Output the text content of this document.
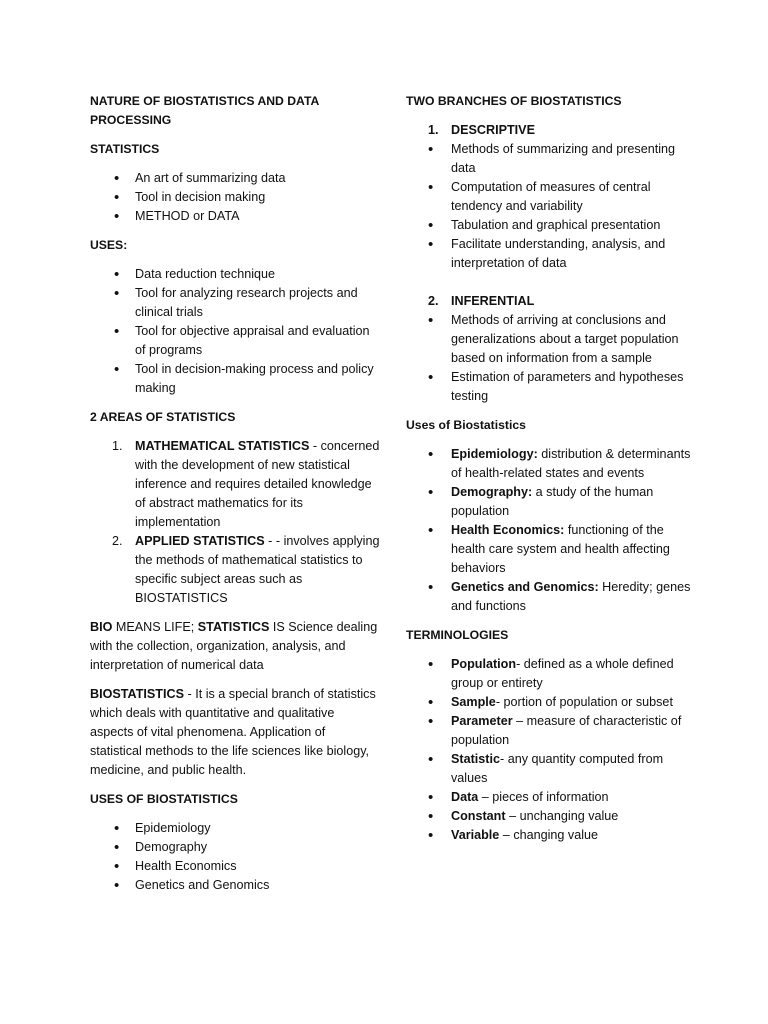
NATURE OF BIOSTATISTICS AND DATA
PROCESSING
STATISTICS
• An art of summarizing data
• Tool in decision making
• METHOD or DATA
USES:
• Data reduction technique
• Tool for analyzing research projects and clinical trials
• Tool for objective appraisal and evaluation of programs
• Tool in decision-making process and policy making
2 AREAS OF STATISTICS
1. MATHEMATICAL STATISTICS - concerned with the development of new statistical inference and requires detailed knowledge of abstract mathematics for its implementation
2. APPLIED STATISTICS - - involves applying the methods of mathematical statistics to specific subject areas such as BIOSTATISTICS
BIO MEANS LIFE; STATISTICS IS Science dealing with the collection, organization, analysis, and interpretation of numerical data
BIOSTATISTICS - It is a special branch of statistics which deals with quantitative and qualitative aspects of vital phenomena. Application of statistical methods to the life sciences like biology, medicine, and public health.
USES OF BIOSTATISTICS
• Epidemiology
• Demography
• Health Economics
• Genetics and Genomics
TWO BRANCHES OF BIOSTATISTICS
1. DESCRIPTIVE
• Methods of summarizing and presenting data
• Computation of measures of central tendency and variability
• Tabulation and graphical presentation
• Facilitate understanding, analysis, and interpretation of data
2. INFERENTIAL
• Methods of arriving at conclusions and generalizations about a target population based on information from a sample
• Estimation of parameters and hypotheses testing
Uses of Biostatistics
• Epidemiology: distribution & determinants of health-related states and events
• Demography: a study of the human population
• Health Economics: functioning of the health care system and health affecting behaviors
• Genetics and Genomics: Heredity; genes and functions
TERMINOLOGIES
• Population- defined as a whole defined group or entirety
• Sample- portion of population or subset
• Parameter – measure of characteristic of population
• Statistic- any quantity computed from values
• Data – pieces of information
• Constant – unchanging value
• Variable – changing value
